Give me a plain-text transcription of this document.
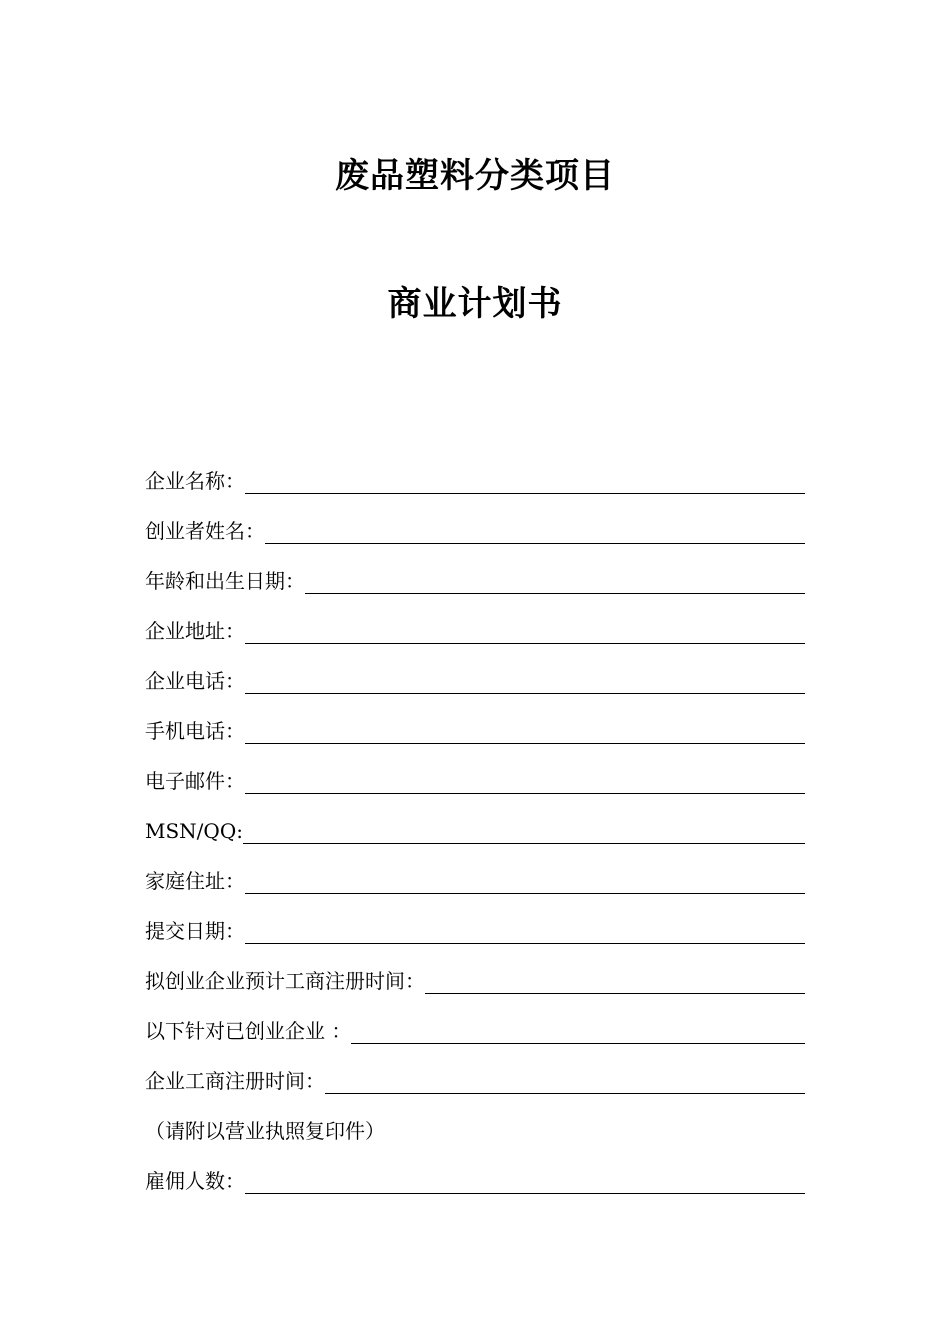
废品塑料分类项目
商业计划书
企业名称：
创业者姓名：
年龄和出生日期：
企业地址：
企业电话：
手机电话：
电子邮件：
MSN/QQ:
家庭住址：
提交日期：
拟创业企业预计工商注册时间：
以下针对已创业企业 ：
企业工商注册时间：
（请附以营业执照复印件）
雇佣人数：
